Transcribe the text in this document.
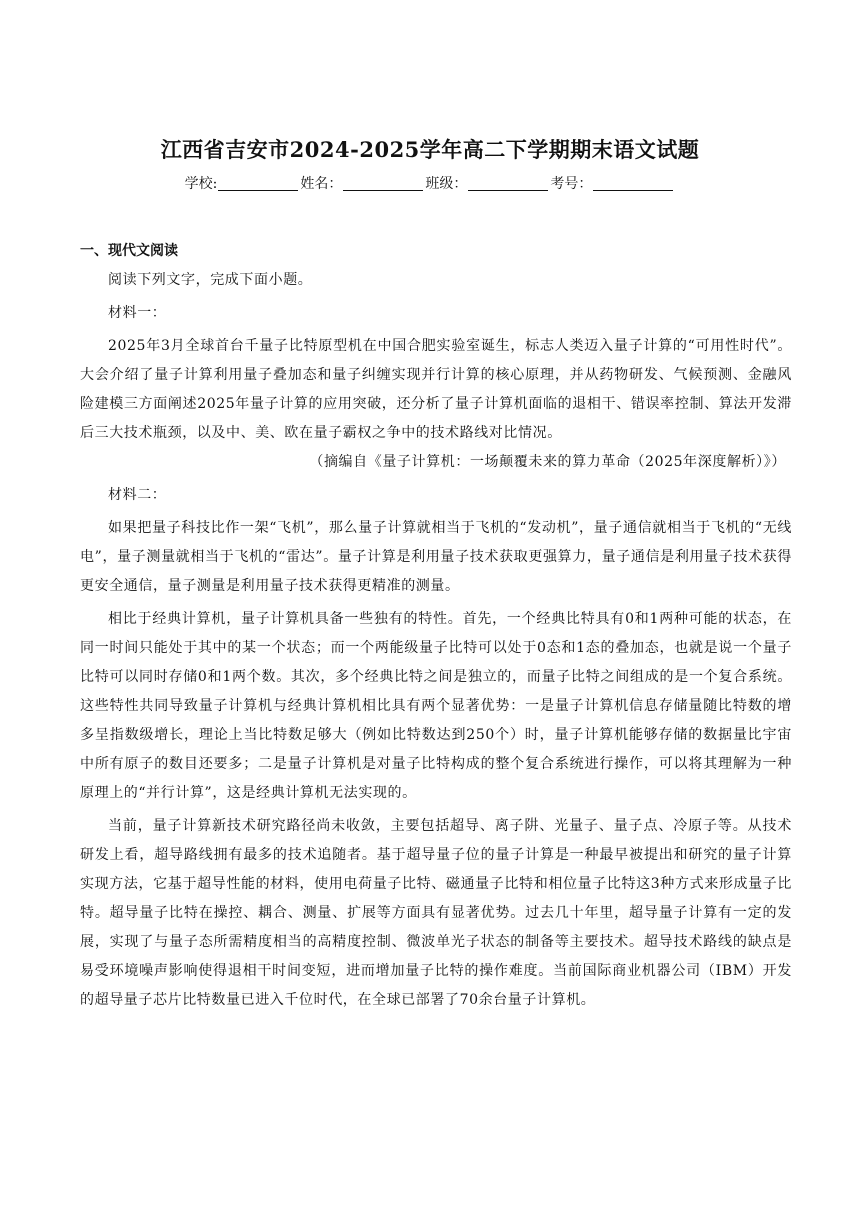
江西省吉安市2024-2025学年高二下学期期末语文试题
学校:	姓名：	班级：	考号：
一、现代文阅读

阅读下列文字，完成下面小题。

材料一：

2025年3月全球首台千量子比特原型机在中国合肥实验室诞生，标志人类迈入量子计算的“可用性时代”。大会介绍了量子计算利用量子叠加态和量子纠缠实现并行计算的核心原理，并从药物研发、气候预测、金融风险建模三方面阐述2025年量子计算的应用突破，还分析了量子计算机面临的退相干、错误率控制、算法开发滞后三大技术瓶颈，以及中、美、欧在量子霸权之争中的技术路线对比情况。

（摘编自《量子计算机：一场颠覆未来的算力革命（2025年深度解析）》）

材料二：

如果把量子科技比作一架“飞机”，那么量子计算就相当于飞机的“发动机”，量子通信就相当于飞机的“无线电”，量子测量就相当于飞机的“雷达”。量子计算是利用量子技术获取更强算力，量子通信是利用量子技术获得更安全通信，量子测量是利用量子技术获得更精准的测量。

相比于经典计算机，量子计算机具备一些独有的特性。首先，一个经典比特具有0和1两种可能的状态，在同一时间只能处于其中的某一个状态；而一个两能级量子比特可以处于0态和1态的叠加态，也就是说一个量子比特可以同时存储0和1两个数。其次，多个经典比特之间是独立的，而量子比特之间组成的是一个复合系统。这些特性共同导致量子计算机与经典计算机相比具有两个显著优势：一是量子计算机信息存储量随比特数的增多呈指数级增长，理论上当比特数足够大（例如比特数达到250个）时，量子计算机能够存储的数据量比宇宙中所有原子的数目还要多；二是量子计算机是对量子比特构成的整个复合系统进行操作，可以将其理解为一种原理上的“并行计算”，这是经典计算机无法实现的。

当前，量子计算新技术研究路径尚未收敛，主要包括超导、离子阱、光量子、量子点、冷原子等。从技术研发上看，超导路线拥有最多的技术追随者。基于超导量子位的量子计算是一种最早被提出和研究的量子计算实现方法，它基于超导性能的材料，使用电荷量子比特、磁通量子比特和相位量子比特这3种方式来形成量子比特。超导量子比特在操控、耦合、测量、扩展等方面具有显著优势。过去几十年里，超导量子计算有一定的发展，实现了与量子态所需精度相当的高精度控制、微波单光子状态的制备等主要技术。超导技术路线的缺点是易受环境噪声影响使得退相干时间变短，进而增加量子比特的操作难度。当前国际商业机器公司（IBM）开发的超导量子芯片比特数量已进入千位时代，在全球已部署了70余台量子计算机。
